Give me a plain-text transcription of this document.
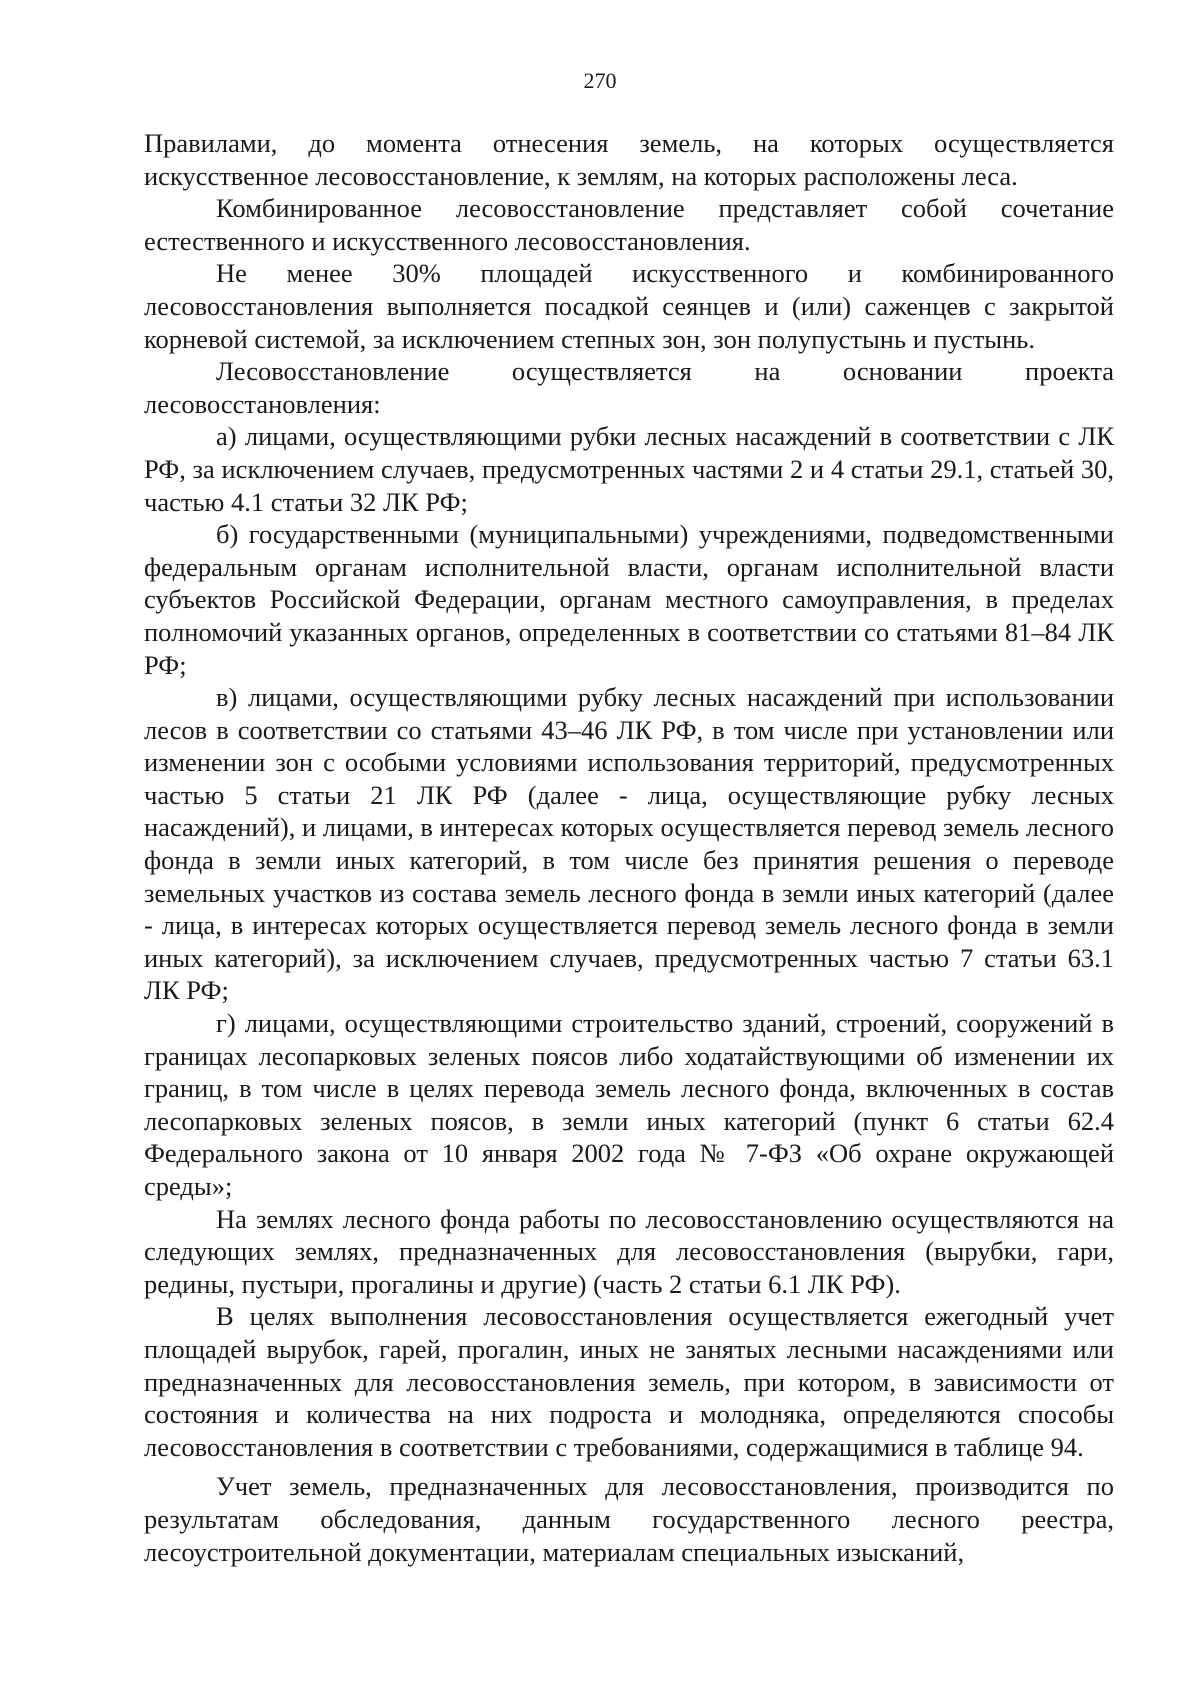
270

Правилами, до момента отнесения земель, на которых осуществляется искусственное лесовосстановление, к землям, на которых расположены леса.

Комбинированное лесовосстановление представляет собой сочетание естественного и искусственного лесовосстановления.

Не менее 30% площадей искусственного и комбинированного лесовосстановления выполняется посадкой сеянцев и (или) саженцев с закрытой корневой системой, за исключением степных зон, зон полупустынь и пустынь.

Лесовосстановление осуществляется на основании проекта лесовосстановления:

а) лицами, осуществляющими рубки лесных насаждений в соответствии с ЛК РФ, за исключением случаев, предусмотренных частями 2 и 4 статьи 29.1, статьей 30, частью 4.1 статьи 32 ЛК РФ;

б) государственными (муниципальными) учреждениями, подведомственными федеральным органам исполнительной власти, органам исполнительной власти субъектов Российской Федерации, органам местного самоуправления, в пределах полномочий указанных органов, определенных в соответствии со статьями 81–84 ЛК РФ;

в) лицами, осуществляющими рубку лесных насаждений при использовании лесов в соответствии со статьями 43–46 ЛК РФ, в том числе при установлении или изменении зон с особыми условиями использования территорий, предусмотренных частью 5 статьи 21 ЛК РФ (далее - лица, осуществляющие рубку лесных насаждений), и лицами, в интересах которых осуществляется перевод земель лесного фонда в земли иных категорий, в том числе без принятия решения о переводе земельных участков из состава земель лесного фонда в земли иных категорий (далее - лица, в интересах которых осуществляется перевод земель лесного фонда в земли иных категорий), за исключением случаев, предусмотренных частью 7 статьи 63.1 ЛК РФ;

г) лицами, осуществляющими строительство зданий, строений, сооружений в границах лесопарковых зеленых поясов либо ходатайствующими об изменении их границ, в том числе в целях перевода земель лесного фонда, включенных в состав лесопарковых зеленых поясов, в земли иных категорий (пункт 6 статьи 62.4 Федерального закона от 10 января 2002 года № 7-ФЗ «Об охране окружающей среды»;

На землях лесного фонда работы по лесовосстановлению осуществляются на следующих землях, предназначенных для лесовосстановления (вырубки, гари, редины, пустыри, прогалины и другие) (часть 2 статьи 6.1 ЛК РФ).

В целях выполнения лесовосстановления осуществляется ежегодный учет площадей вырубок, гарей, прогалин, иных не занятых лесными насаждениями или предназначенных для лесовосстановления земель, при котором, в зависимости от состояния и количества на них подроста и молодняка, определяются способы лесовосстановления в соответствии с требованиями, содержащимися в таблице 94.

Учет земель, предназначенных для лесовосстановления, производится по результатам обследования, данным государственного лесного реестра, лесоустроительной документации, материалам специальных изысканий,
